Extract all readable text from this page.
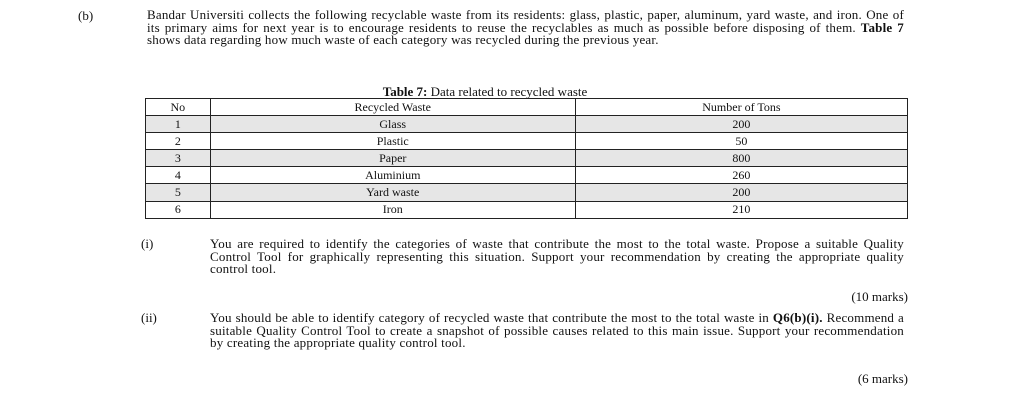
(b)	Bandar Universiti collects the following recyclable waste from its residents: glass, plastic, paper, aluminum, yard waste, and iron. One of its primary aims for next year is to encourage residents to reuse the recyclables as much as possible before disposing of them. Table 7 shows data regarding how much waste of each category was recycled during the previous year.

Table 7: Data related to recycled waste
No	Recycled Waste	Number of Tons
1	Glass	200
2	Plastic	50
3	Paper	800
4	Aluminium	260
5	Yard waste	200
6	Iron	210
(i)	You are required to identify the categories of waste that contribute the most to the total waste. Propose a suitable Quality Control Tool for graphically representing this situation. Support your recommendation by creating the appropriate quality control tool.

(10 marks)
(ii)	You should be able to identify category of recycled waste that contribute the most to the total waste in Q6(b)(i). Recommend a suitable Quality Control Tool to create a snapshot of possible causes related to this main issue. Support your recommendation by creating the appropriate quality control tool.

(6 marks)
